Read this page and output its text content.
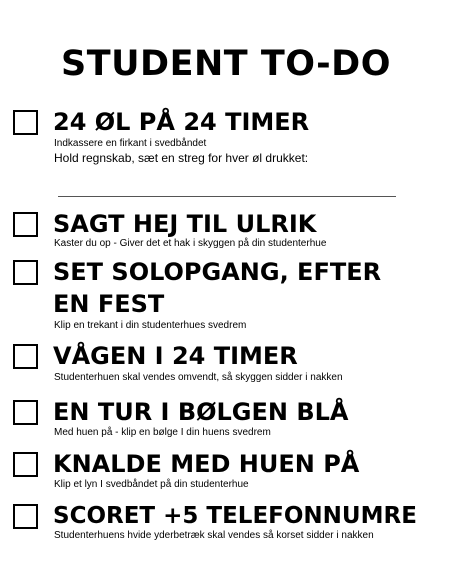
STUDENT TO-DO
24 ØL PÅ 24 TIMER
Indkassere en firkant i svedbåndet
Hold regnskab, sæt en streg for hver øl drukket:
SAGT HEJ TIL ULRIK
Kaster du op - Giver det et hak i skyggen på din studenterhue
SET SOLOPGANG, EFTER
EN FEST
Klip en trekant i din studenterhues svedrem
VÅGEN I 24 TIMER
Studenterhuen skal vendes omvendt, så skyggen sidder i nakken
EN TUR I BØLGEN BLÅ
Med huen på - klip en bølge I din huens svedrem
KNALDE MED HUEN PÅ
Klip et lyn I svedbåndet på din studenterhue
SCORET +5 TELEFONNUMRE
Studenterhuens hvide yderbetræk skal vendes så korset sidder i nakken
